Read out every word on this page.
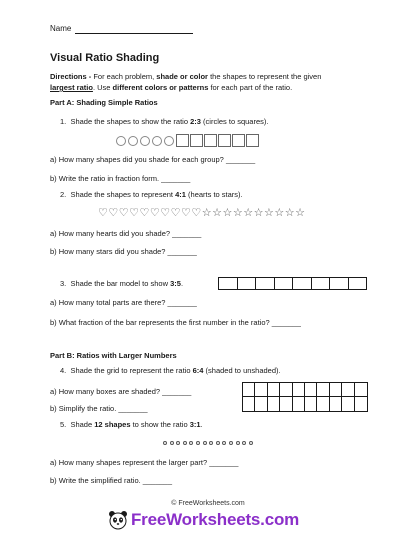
Name
Visual Ratio Shading
Directions - For each problem, shade or color the shapes to represent the given
largest ratio. Use different colors or patterns for each part of the ratio.
Part A: Shading Simple Ratios
1. Shade the shapes to show the ratio 2:3 (circles to squares).
a) How many shapes did you shade for each group? _______
b) Write the ratio in fraction form. _______
2. Shade the shapes to represent 4:1 (hearts to stars).
♡ ♡ ♡ ♡ ♡ ♡ ♡ ♡ ♡ ♡ ☆ ☆ ☆ ☆ ☆ ☆ ☆ ☆ ☆ ☆
a) How many hearts did you shade? _______
b) How many stars did you shade? _______
3. Shade the bar model to show 3:5.
a) How many total parts are there? _______
b) What fraction of the bar represents the first number in the ratio? _______
Part B: Ratios with Larger Numbers
4. Shade the grid to represent the ratio 6:4 (shaded to unshaded).
a) How many boxes are shaded? _______
b) Simplify the ratio. _______
5. Shade 12 shapes to show the ratio 3:1.
a) How many shapes represent the larger part? _______
b) Write the simplified ratio. _______
© FreeWorksheets.com
FreeWorksheets.com
